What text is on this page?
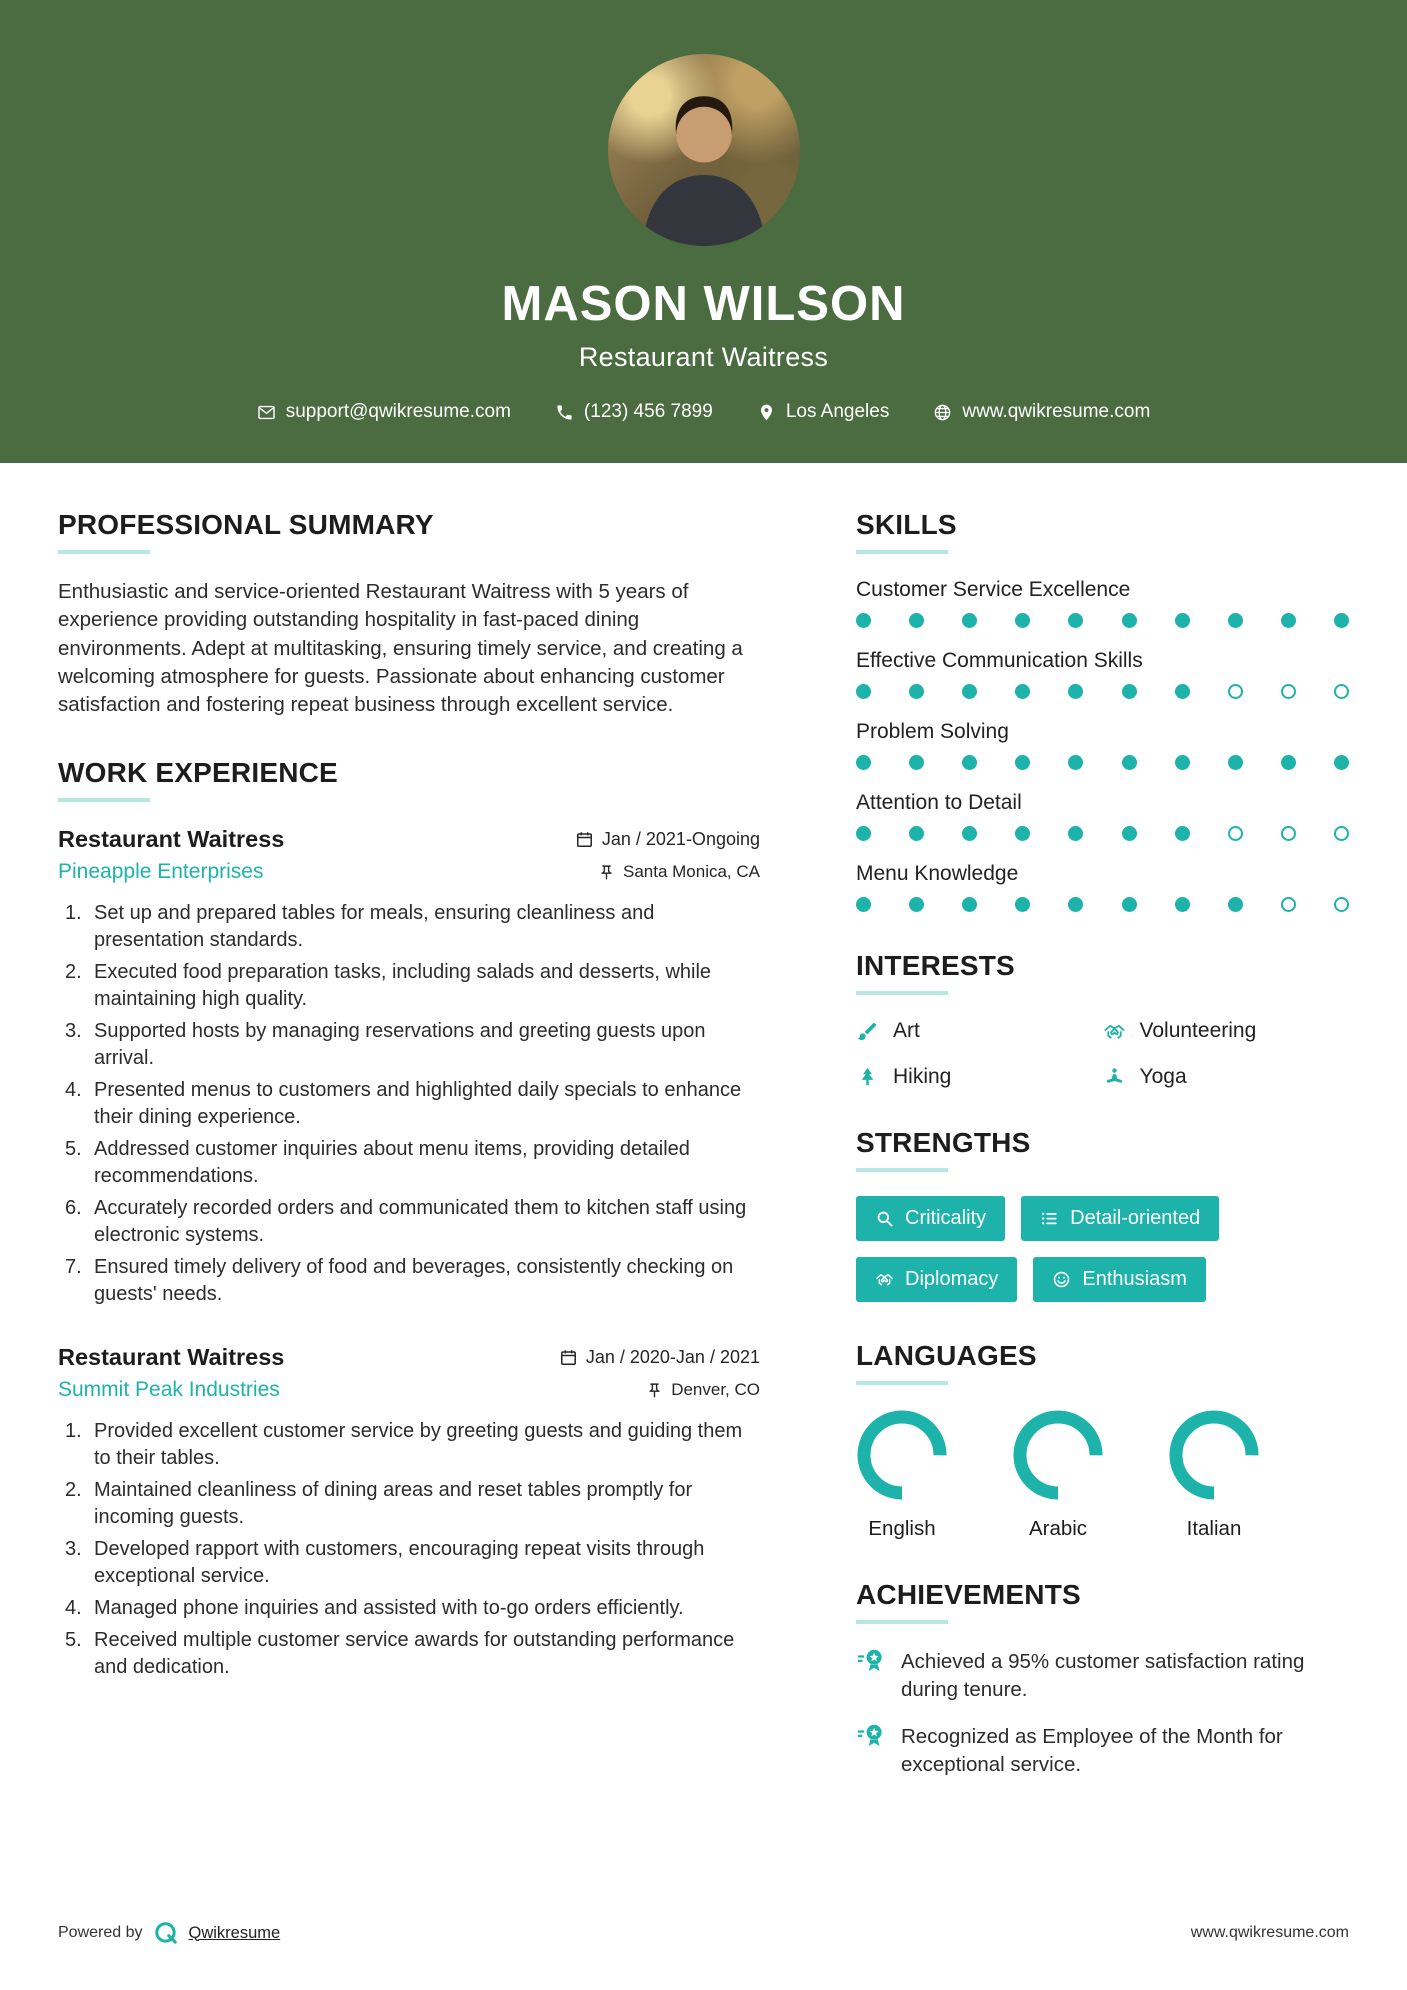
MASON WILSON
Restaurant Waitress
support@qwikresume.com	(123) 456 7899	Los Angeles	www.qwikresume.com
PROFESSIONAL SUMMARY

Enthusiastic and service-oriented Restaurant Waitress with 5 years of experience providing outstanding hospitality in fast-paced dining environments. Adept at multitasking, ensuring timely service, and creating a welcoming atmosphere for guests. Passionate about enhancing customer satisfaction and fostering repeat business through excellent service.

WORK EXPERIENCE
Restaurant Waitress	Jan / 2021-Ongoing
Pineapple Enterprises	Santa Monica, CA
Set up and prepared tables for meals, ensuring cleanliness and presentation standards.
Executed food preparation tasks, including salads and desserts, while maintaining high quality.
Supported hosts by managing reservations and greeting guests upon arrival.
Presented menus to customers and highlighted daily specials to enhance their dining experience.
Addressed customer inquiries about menu items, providing detailed recommendations.
Accurately recorded orders and communicated them to kitchen staff using electronic systems.
Ensured timely delivery of food and beverages, consistently checking on guests' needs.
Restaurant Waitress	Jan / 2020-Jan / 2021
Summit Peak Industries	Denver, CO
Provided excellent customer service by greeting guests and guiding them to their tables.
Maintained cleanliness of dining areas and reset tables promptly for incoming guests.
Developed rapport with customers, encouraging repeat visits through exceptional service.
Managed phone inquiries and assisted with to-go orders efficiently.
Received multiple customer service awards for outstanding performance and dedication.
SKILLS
Customer Service Excellence
Effective Communication Skills
Problem Solving
Attention to Detail
Menu Knowledge
INTERESTS
Art	Volunteering
Hiking	Yoga
STRENGTHS
Criticality	Detail-oriented
Diplomacy	Enthusiasm
LANGUAGES
English	Arabic	Italian
ACHIEVEMENTS

Achieved a 95% customer satisfaction rating during tenure.

Recognized as Employee of the Month for exceptional service.

Powered by	Qwikresume	www.qwikresume.com
